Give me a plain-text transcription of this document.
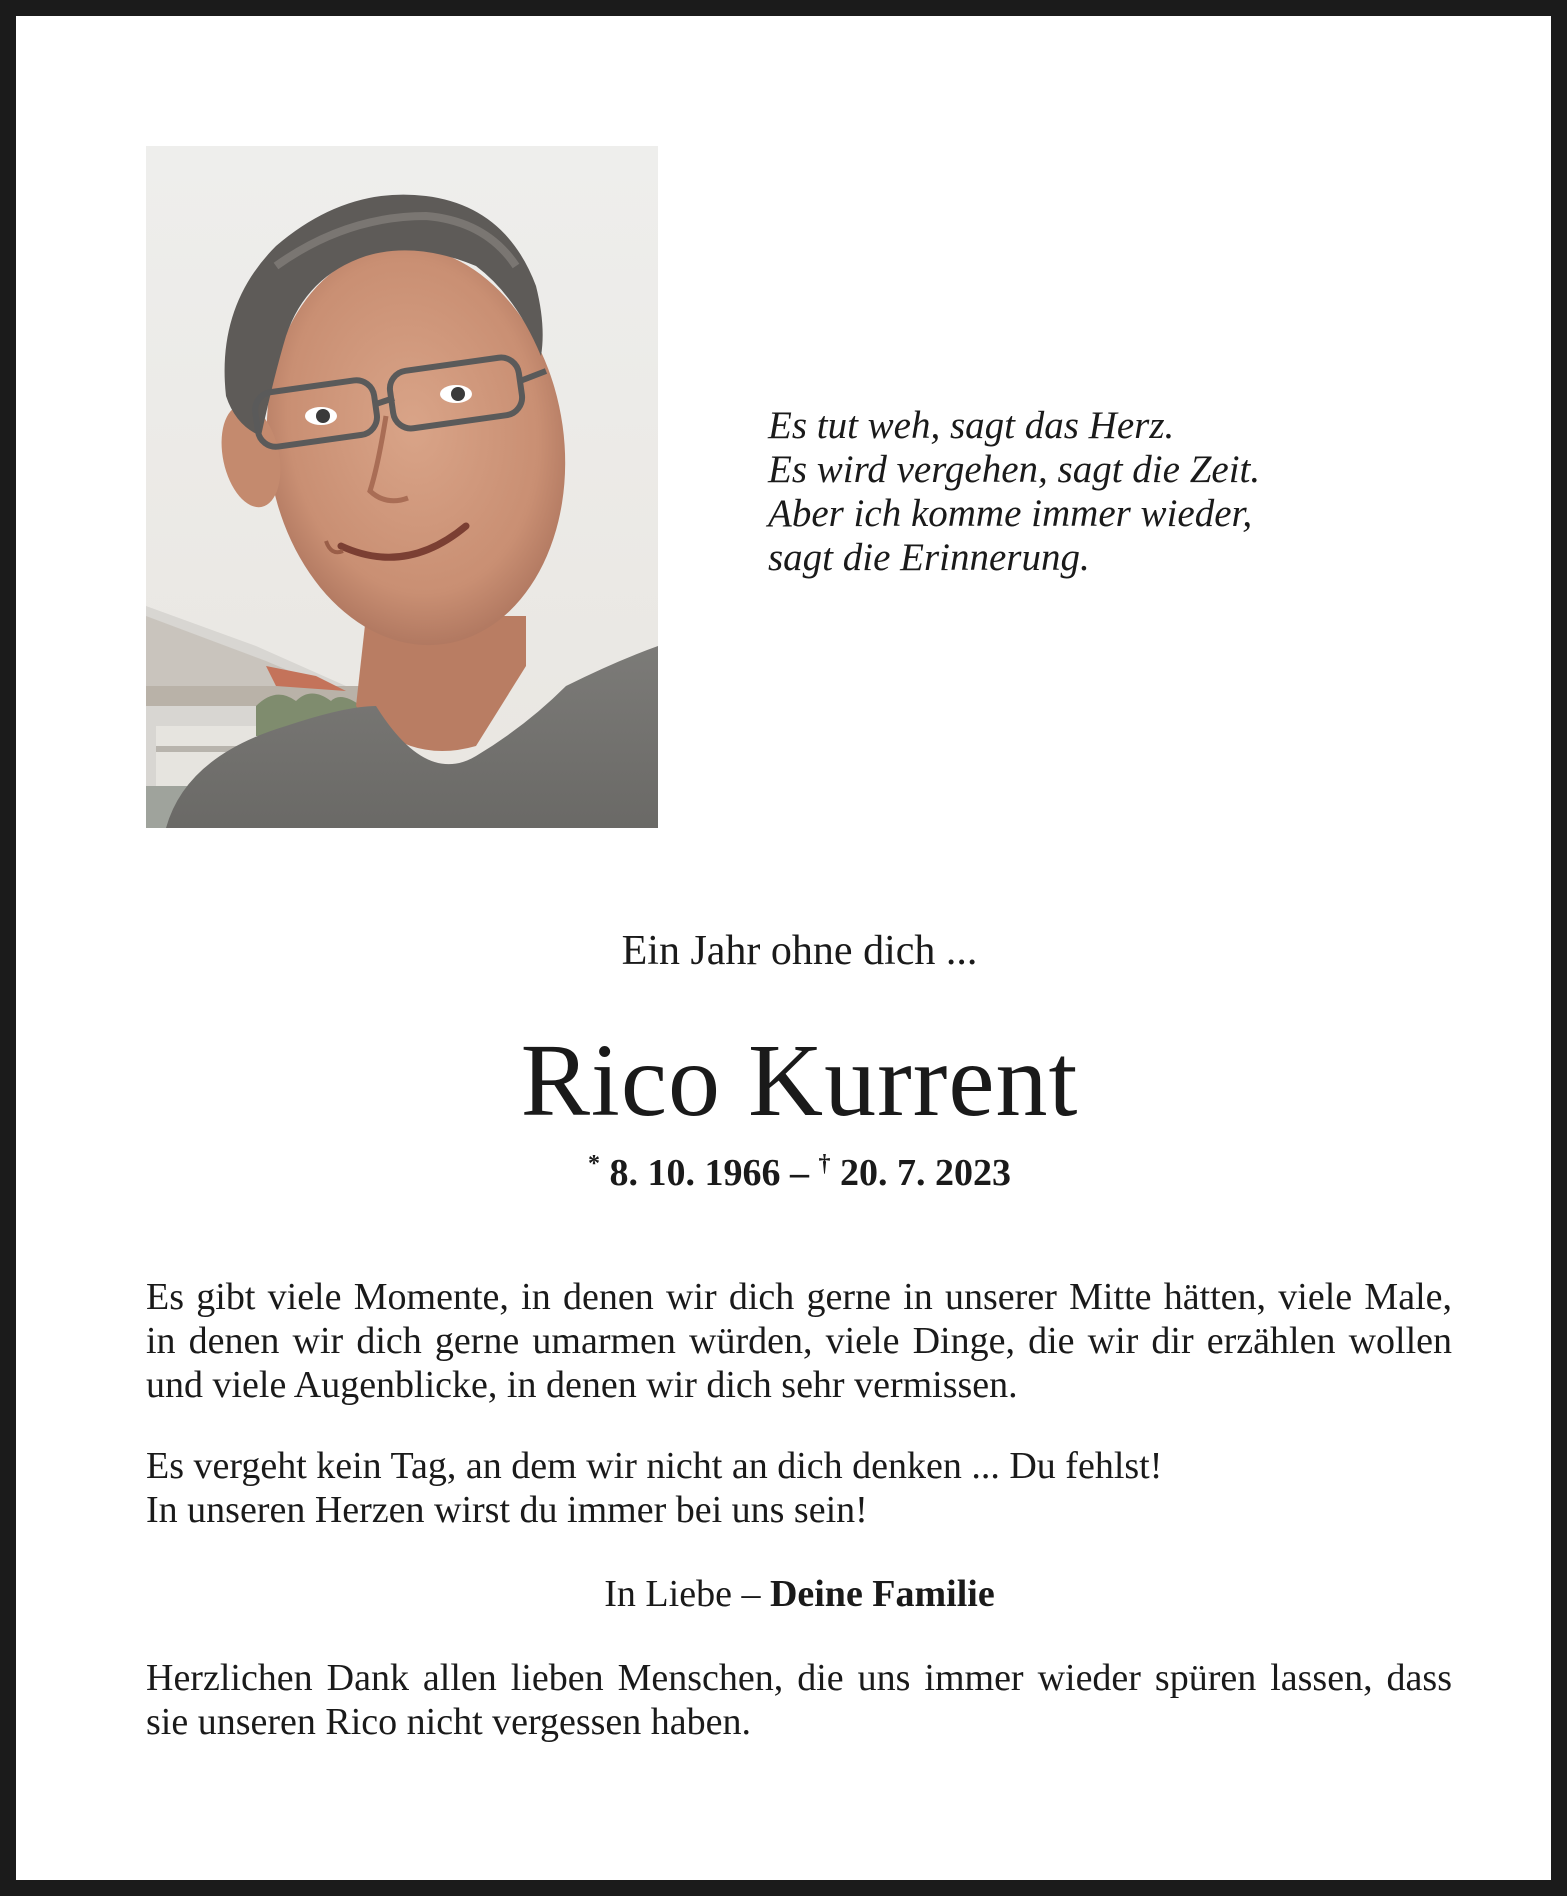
Es tut weh, sagt das Herz.
Es wird vergehen, sagt die Zeit.
Aber ich komme immer wieder,
sagt die Erinnerung.
Ein Jahr ohne dich ...
Rico Kurrent
* 8. 10. 1966 – † 20. 7. 2023
Es gibt viele Momente, in denen wir dich gerne in unserer Mitte hätten, viele Male, in denen wir dich gerne umarmen würden, viele Dinge, die wir dir erzählen wollen und viele Augenblicke, in denen wir dich sehr vermissen.
Es vergeht kein Tag, an dem wir nicht an dich denken ... Du fehlst!
In unseren Herzen wirst du immer bei uns sein!
In Liebe – Deine Familie
Herzlichen Dank allen lieben Menschen, die uns immer wieder spüren lassen, dass sie unseren Rico nicht vergessen haben.
